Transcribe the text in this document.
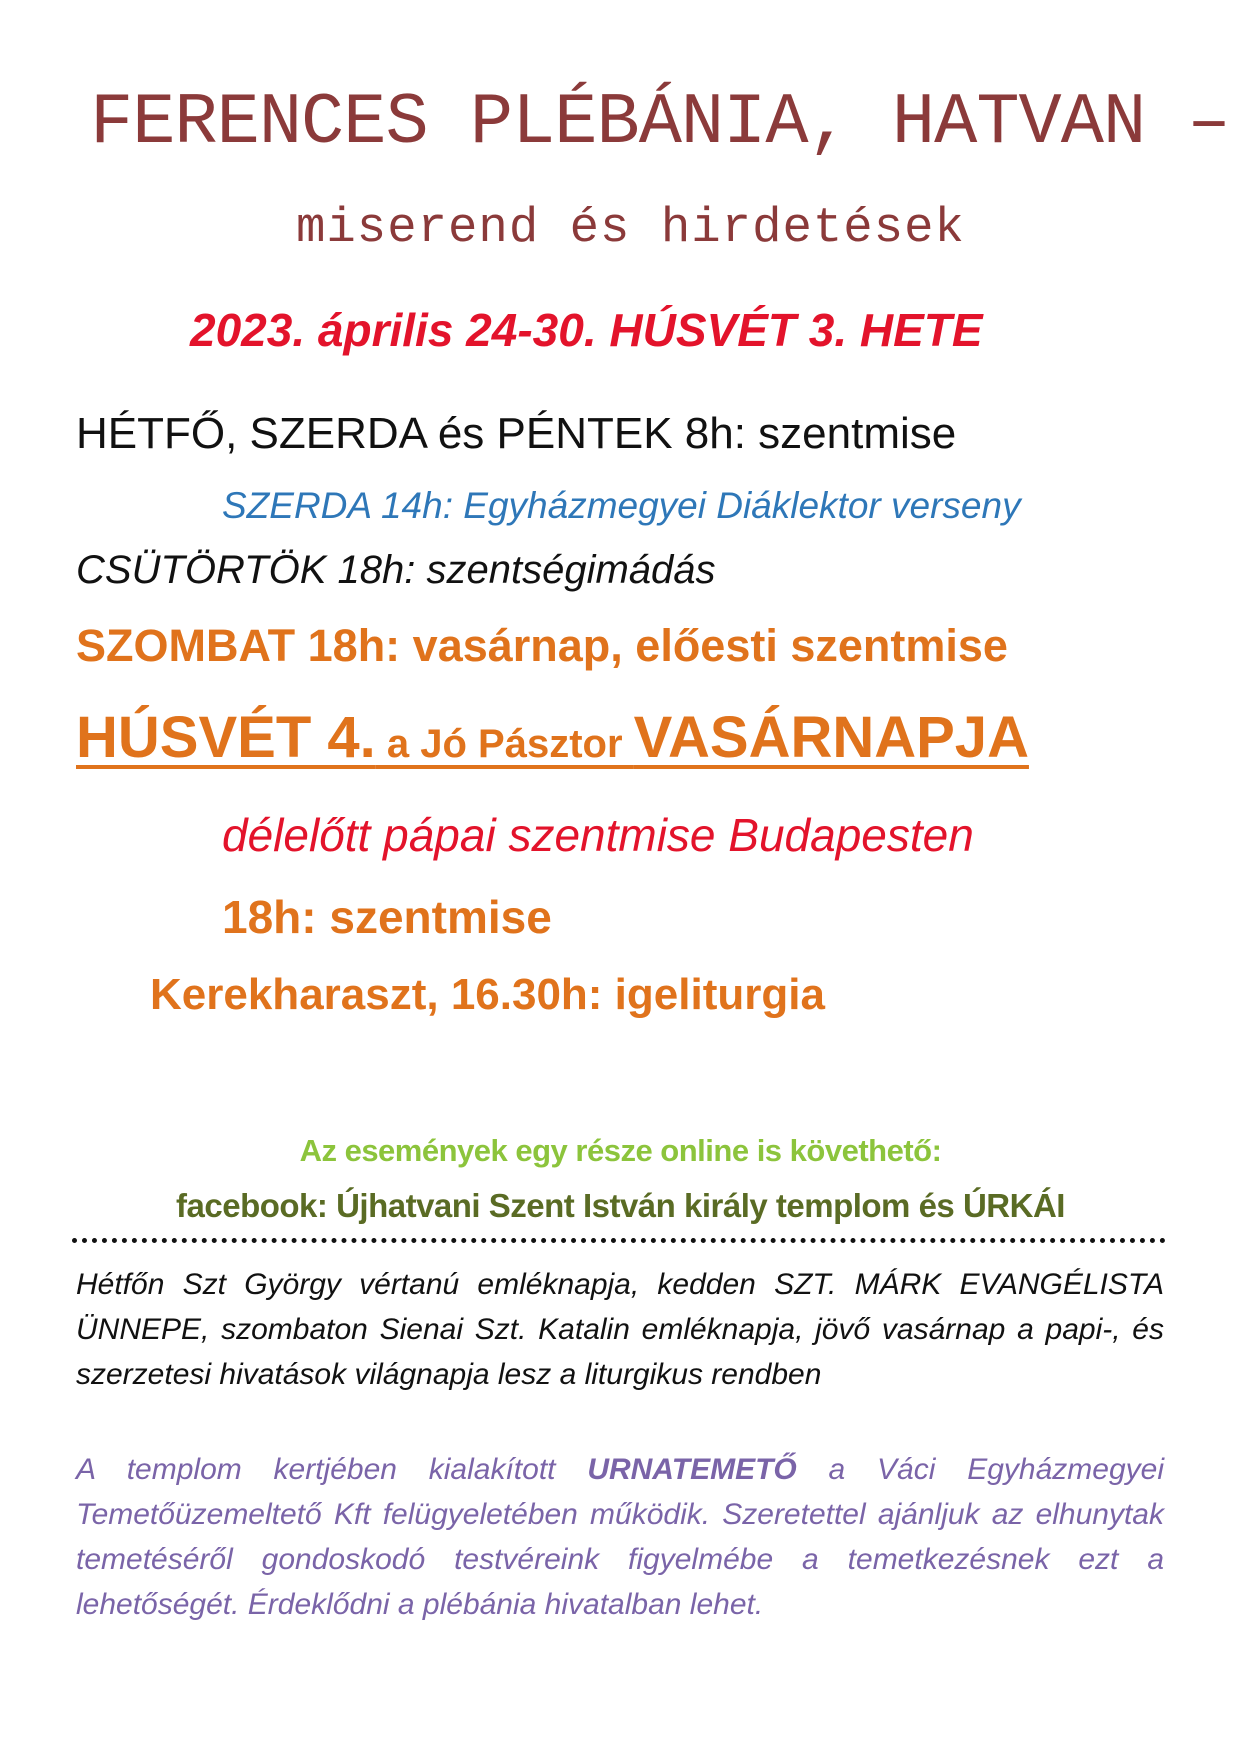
FERENCES PLÉBÁNIA, HATVAN –
miserend és hirdetések
2023. április 24-30. HÚSVÉT 3. HETE
HÉTFŐ, SZERDA és PÉNTEK 8h: szentmise
SZERDA 14h: Egyházmegyei Diáklektor verseny
CSÜTÖRTÖK 18h: szentségimádás
SZOMBAT 18h: vasárnap, előesti szentmise
HÚSVÉT 4. a Jó Pásztor VASÁRNAPJA
délelőtt pápai szentmise Budapesten
18h: szentmise
Kerekharaszt, 16.30h: igeliturgia
Az események egy része online is követhető:
facebook: Újhatvani Szent István király templom és ÚRKÁI
Hétfőn Szt György vértanú emléknapja, kedden SZT. MÁRK EVANGÉLISTA ÜNNEPE, szombaton Sienai Szt. Katalin emléknapja, jövő vasárnap a papi-, és szerzetesi hivatások világnapja lesz a liturgikus rendben
A templom kertjében kialakított URNATEMETŐ a Váci Egyházmegyei Temetőüzemeltető Kft felügyeletében működik. Szeretettel ajánljuk az elhunytak temetéséről gondoskodó testvéreink figyelmébe a temetkezésnek ezt a lehetőségét. Érdeklődni a plébánia hivatalban lehet.
